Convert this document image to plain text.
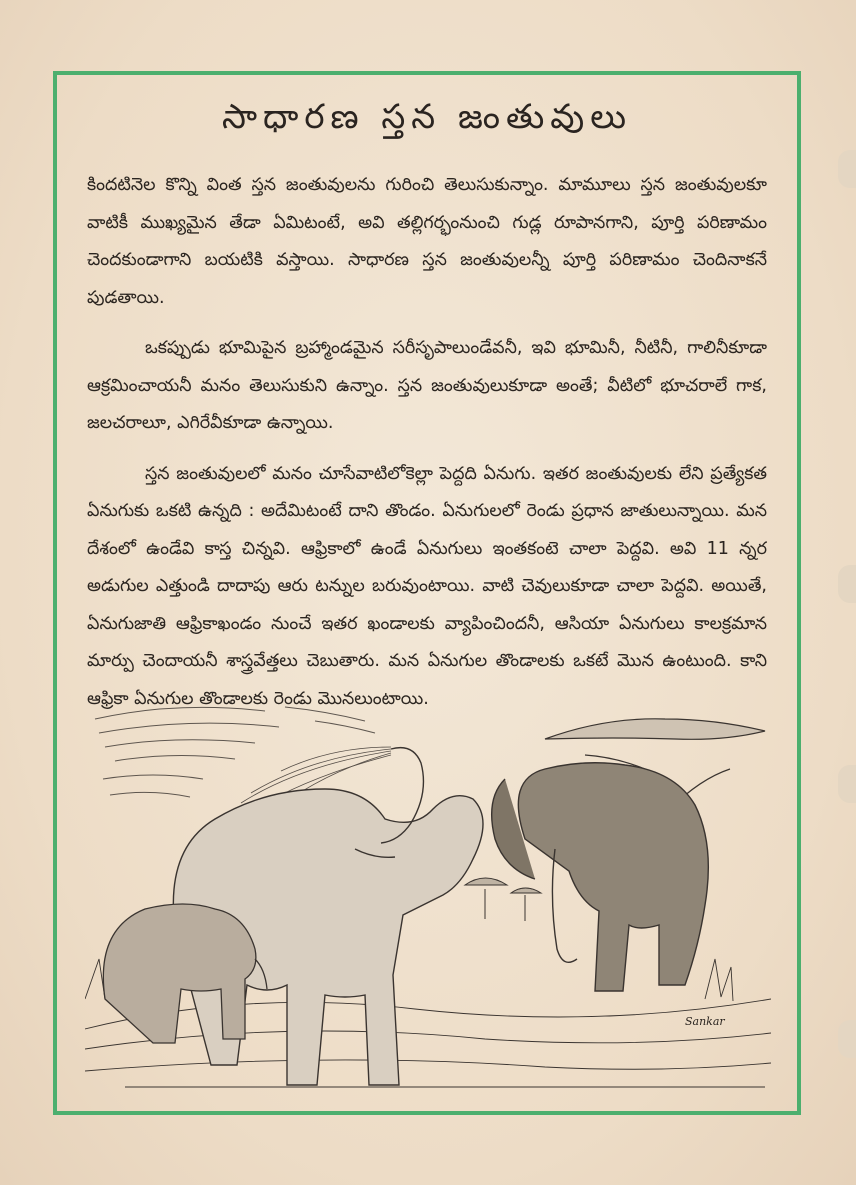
సాధారణ స్తన జంతువులు

కిందటినెల కొన్ని వింత స్తన జంతువులను గురించి తెలుసుకున్నాం. మామూలు స్తన జంతువులకూ వాటికీ ముఖ్యమైన తేడా ఏమిటంటే, అవి తల్లిగర్భంనుంచి గుడ్ల రూపానగాని, పూర్తి పరిణామం చెందకుండాగాని బయటికి వస్తాయి. సాధారణ స్తన జంతువులన్నీ పూర్తి పరిణామం చెందినాకనే పుడతాయి.

ఒకప్పుడు భూమిపైన బ్రహ్మాండమైన సరీసృపాలుండేవనీ, ఇవి భూమినీ, నీటినీ, గాలినీకూడా ఆక్రమించాయనీ మనం తెలుసుకుని ఉన్నాం. స్తన జంతువులుకూడా అంతే; వీటిలో భూచరాలే గాక, జలచరాలూ, ఎగిరేవీకూడా ఉన్నాయి.

స్తన జంతువులలో మనం చూసేవాటిలోకెల్లా పెద్దది ఏనుగు. ఇతర జంతువులకు లేని ప్రత్యేకత ఏనుగుకు ఒకటి ఉన్నది : అదేమిటంటే దాని తొండం. ఏనుగులలో రెండు ప్రధాన జాతులున్నాయి. మన దేశంలో ఉండేవి కాస్త చిన్నవి. ఆఫ్రికాలో ఉండే ఏనుగులు ఇంతకంటె చాలా పెద్దవి. అవి 11 న్నర అడుగుల ఎత్తుండి దాదాపు ఆరు టన్నుల బరువుంటాయి. వాటి చెవులుకూడా చాలా పెద్దవి. అయితే, ఏనుగుజాతి ఆఫ్రికాఖండం నుంచే ఇతర ఖండాలకు వ్యాపించిందనీ, ఆసియా ఏనుగులు కాలక్రమాన మార్పు చెందాయనీ శాస్త్రవేత్తలు చెబుతారు. మన ఏనుగుల తొండాలకు ఒకటే మొన ఉంటుంది. కాని ఆఫ్రికా ఏనుగుల తొండాలకు రెండు మొనలుంటాయి.

Sankar
